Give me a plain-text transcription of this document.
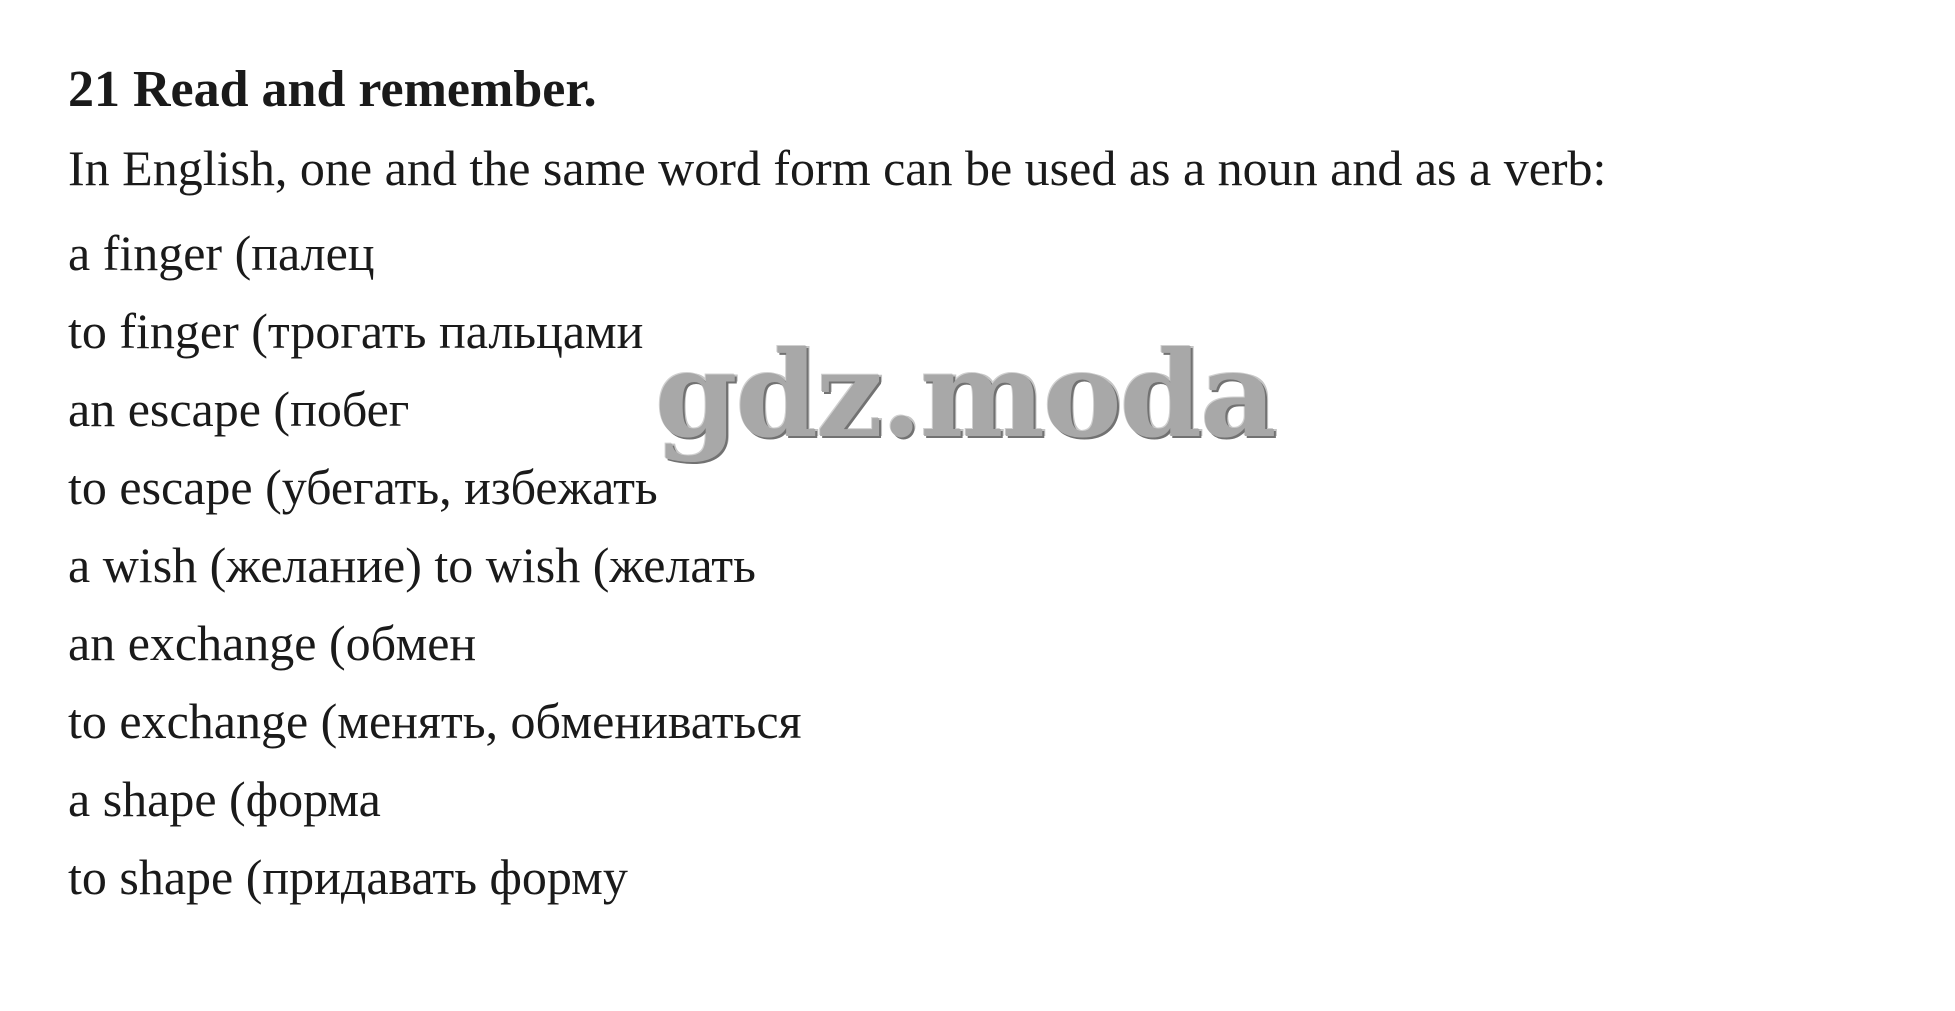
21 Read and remember.
In English, one and the same word form can be used as a noun and as a verb:
a finger (палец
to finger (трогать пальцами
an escape (побег
to escape (убегать, избежать
a wish (желание) to wish (желать
an exchange (обмен
to exchange (менять, обмениваться
a shape (форма
to shape (придавать форму
gdz.moda
